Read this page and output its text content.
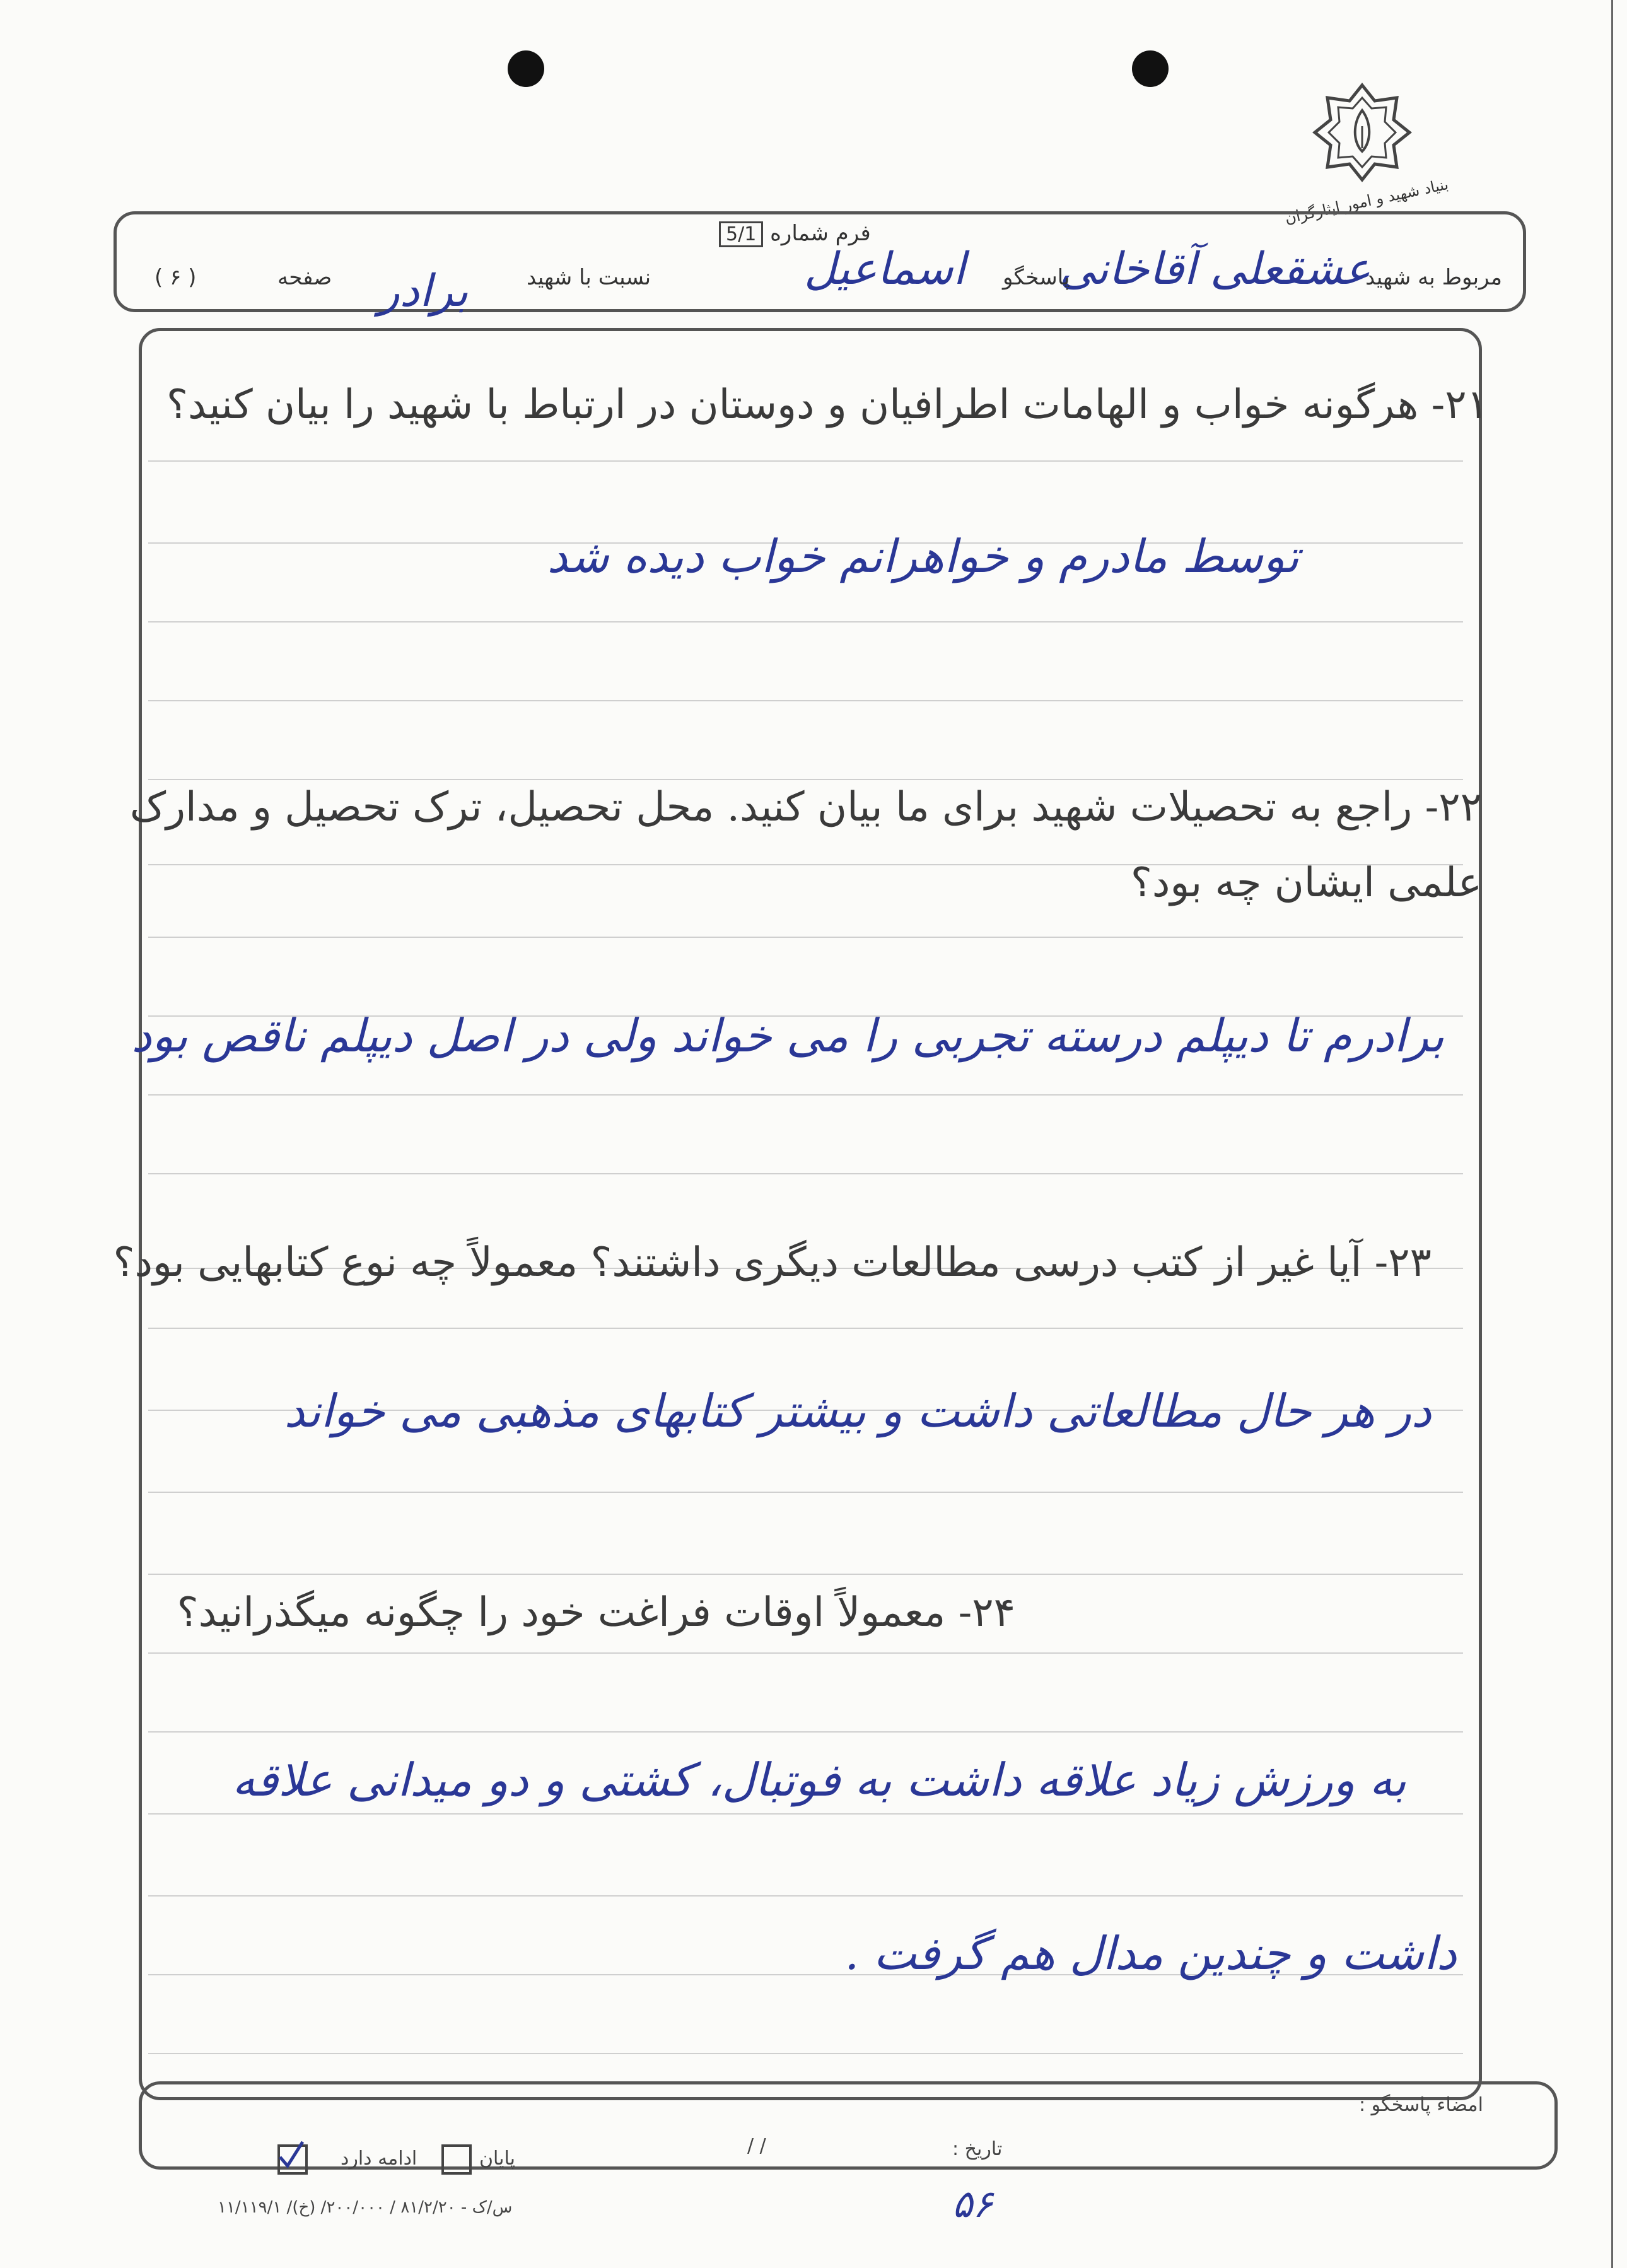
بنیاد شهید و امور ایثارگران
فرم شماره 5/1
مربوط به شهید
عشقعلی آقاخانی
پاسخگو
اسماعیل
نسبت با شهید
برادر
صفحه
( ۶ )
۲۱- هرگونه خواب و الهامات اطرافیان و دوستان در ارتباط با شهید را بیان کنید؟
توسط مادرم و خواهرانم خواب دیده شد
۲۲- راجع به تحصیلات شهید برای ما بیان کنید. محل تحصیل، ترک تحصیل و مدارک علمی ایشان چه بود؟
برادرم تا دیپلم درسته تجربی را می خواند ولی در اصل دیپلم ناقص بود
۲۳- آیا غیر از کتب درسی مطالعات دیگری داشتند؟ معمولاً چه نوع کتابهایی بود؟
در هر حال مطالعاتی داشت و بیشتر کتابهای مذهبی می خواند
۲۴- معمولاً اوقات فراغت خود را چگونه میگذرانید؟
به ورزش زیاد علاقه داشت به فوتبال، کشتی و دو میدانی علاقه
داشت و چندین مدال هم گرفت .
امضاء پاسخگو :
تاریخ :
/ /
پایان
ادامه دارد
۱۱/۱۱۹/۱ /س/ک - ۸۱/۲/۲۰ / ۲۰۰/۰۰۰/ (خ)	۵۶
